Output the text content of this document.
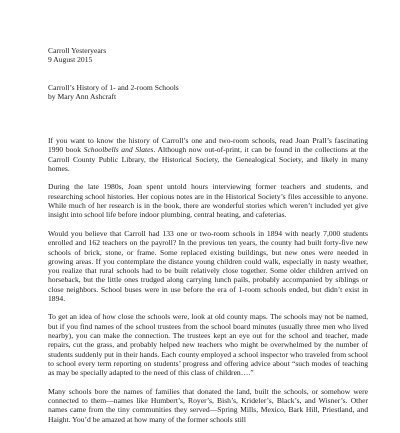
Carroll Yesteryears
9 August 2015
Carroll’s History of 1- and 2-room Schools
by Mary Ann Ashcraft

If you want to know the history of Carroll’s one and two-room schools, read Joan Prall’s fascinating 1990 book Schoolbells and Slates. Although now out-of-print, it can be found in the collections at the Carroll County Public Library, the Historical Society, the Genealogical Society, and likely in many homes.

During the late 1980s, Joan spent untold hours interviewing former teachers and students, and researching school histories. Her copious notes are in the Historical Society’s files accessible to anyone. While much of her research is in the book, there are wonderful stories which weren’t included yet give insight into school life before indoor plumbing, central heating, and cafeterias.

Would you believe that Carroll had 133 one or two-room schools in 1894 with nearly 7,000 students enrolled and 162 teachers on the payroll? In the previous ten years, the county had built forty-five new schools of brick, stone, or frame. Some replaced existing buildings, but new ones were needed in growing areas. If you contemplate the distance young children could walk, especially in nasty weather, you realize that rural schools had to be built relatively close together. Some older children arrived on horseback, but the little ones trudged along carrying lunch pails, probably accompanied by siblings or close neighbors. School buses were in use before the era of 1-room schools ended, but didn’t exist in 1894.

To get an idea of how close the schools were, look at old county maps. The schools may not be named, but if you find names of the school trustees from the school board minutes (usually three men who lived nearby), you can make the connection. The trustees kept an eye out for the school and teacher, made repairs, cut the grass, and probably helped new teachers who might be overwhelmed by the number of students suddenly put in their hands. Each county employed a school inspector who traveled from school to school every term reporting on students’ progress and offering advice about “such modes of teaching as may be specially adapted to the need of this class of children….”

Many schools bore the names of families that donated the land, built the schools, or somehow were connected to them—names like Humbert’s, Royer’s, Bish’s, Krideler’s, Black’s, and Wisner’s. Other names came from the tiny communities they served—Spring Mills, Mexico, Bark Hill, Priestland, and Haight. You’d be amazed at how many of the former schools still
